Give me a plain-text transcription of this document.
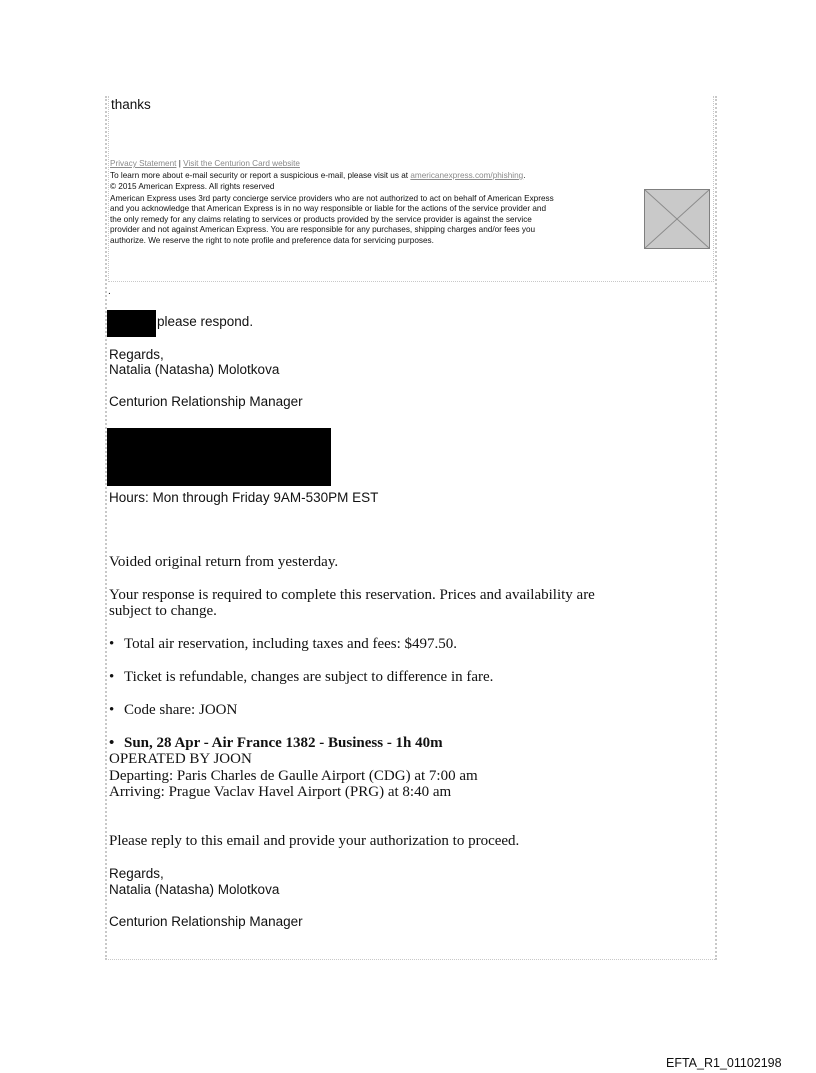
thanks
Privacy Statement | Visit the Centurion Card website
To learn more about e-mail security or report a suspicious e-mail, please visit us at americanexpress.com/phishing.
© 2015 American Express. All rights reserved
American Express uses 3rd party concierge service providers who are not authorized to act on behalf of American Express
and you acknowledge that American Express is in no way responsible or liable for the actions of the service provider and
the only remedy for any claims relating to services or products provided by the service provider is against the service
provider and not against American Express. You are responsible for any purchases, shipping charges and/or fees you
authorize. We reserve the right to note profile and preference data for servicing purposes.
.
please respond.
Regards,
Natalia (Natasha) Molotkova
Centurion Relationship Manager
Hours: Mon through Friday 9AM-530PM EST
Voided original return from yesterday.
Your response is required to complete this reservation. Prices and availability are
subject to change.
• Total air reservation, including taxes and fees: $497.50.
• Ticket is refundable, changes are subject to difference in fare.
• Code share: JOON
• Sun, 28 Apr - Air France 1382 - Business - 1h 40m
OPERATED BY JOON
Departing: Paris Charles de Gaulle Airport (CDG) at 7:00 am
Arriving: Prague Vaclav Havel Airport (PRG) at 8:40 am
Please reply to this email and provide your authorization to proceed.
Regards,
Natalia (Natasha) Molotkova
Centurion Relationship Manager
EFTA_R1_01102198
